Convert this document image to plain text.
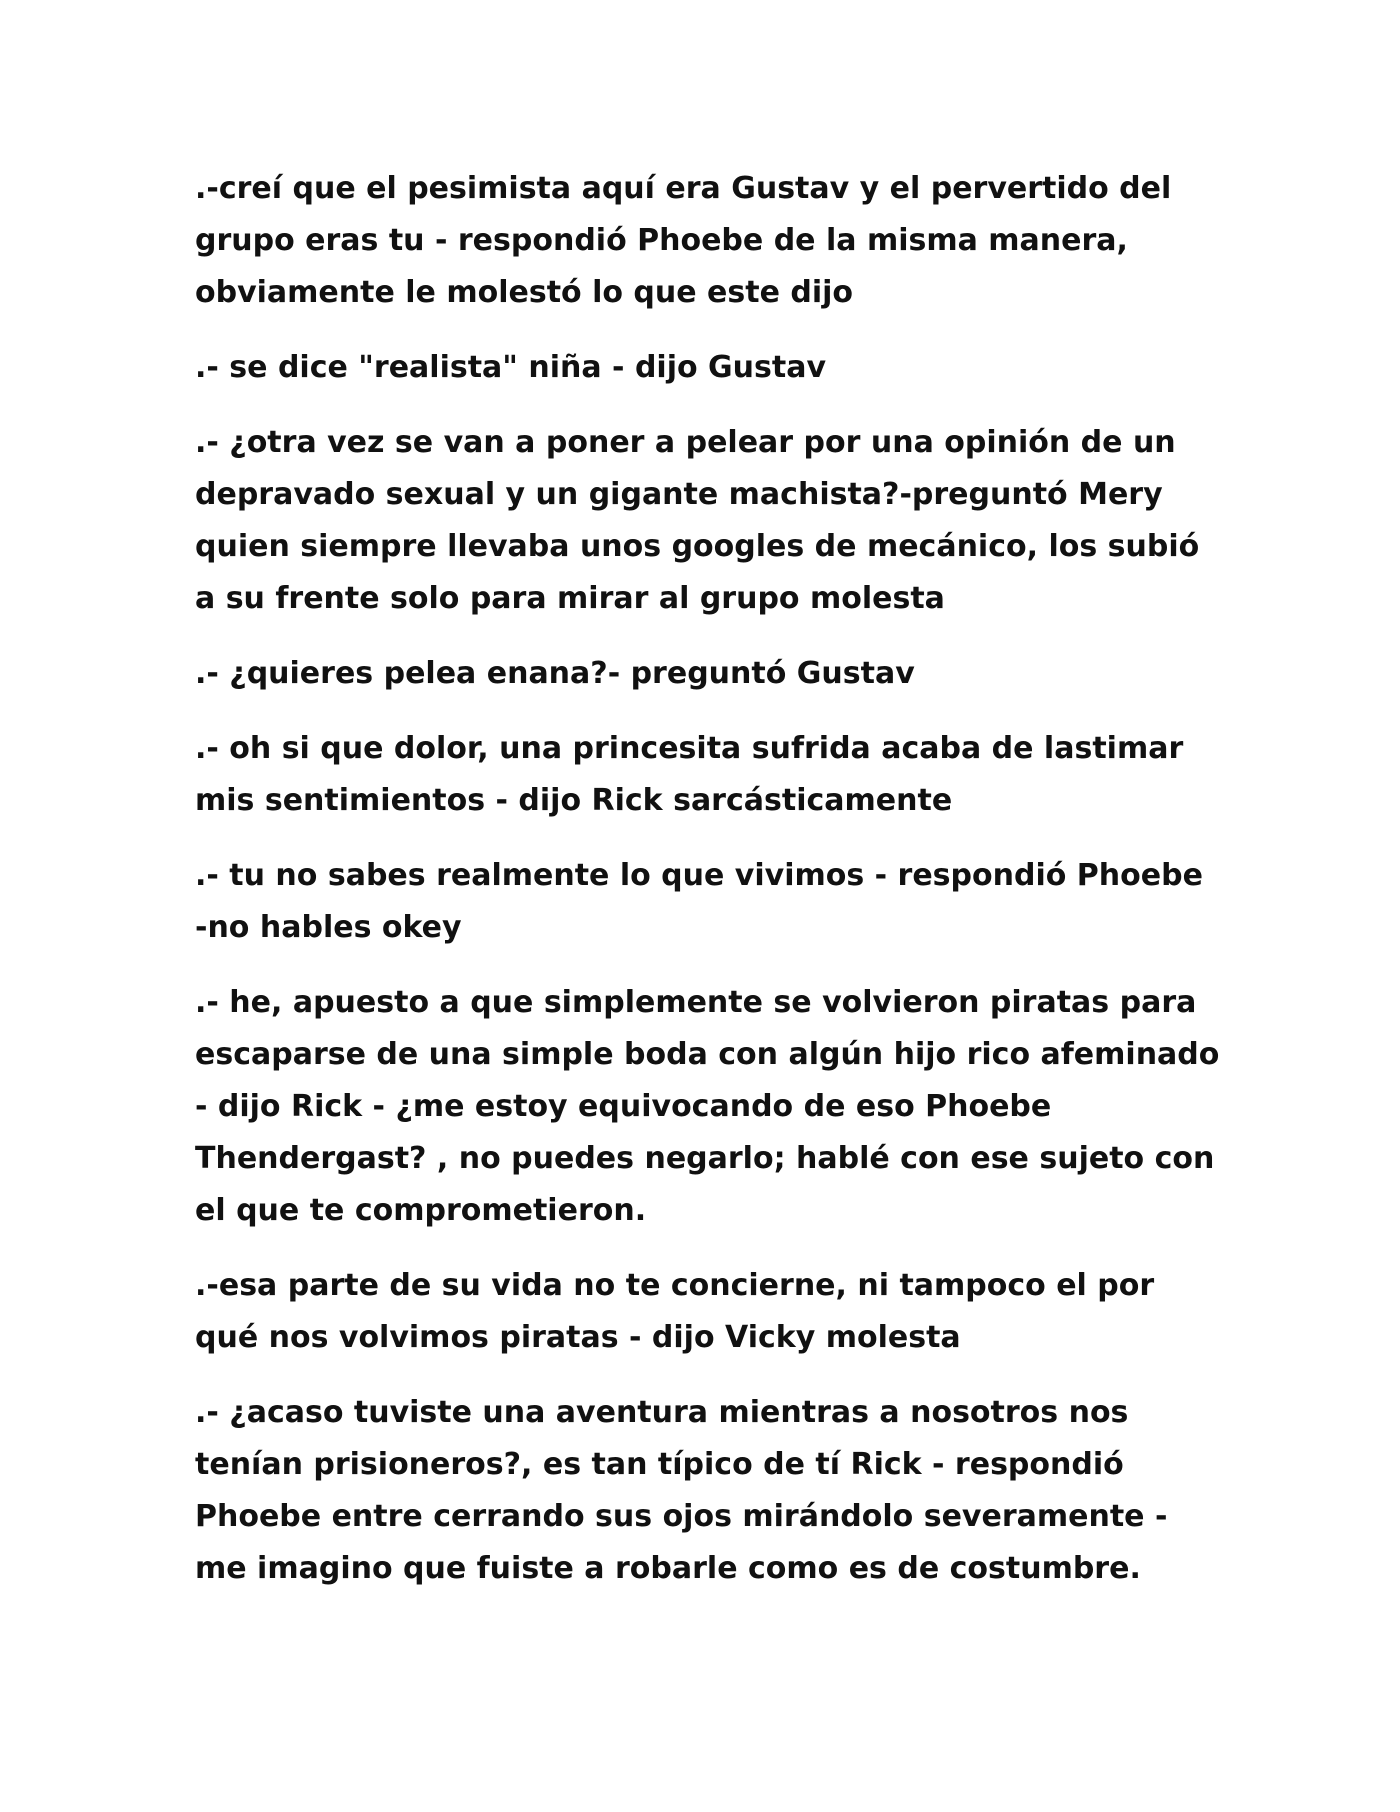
.-creí que el pesimista aquí era Gustav y el pervertido del grupo eras tu - respondió Phoebe de la misma manera, obviamente le molestó lo que este dijo

.- se dice "realista" niña - dijo Gustav

.- ¿otra vez se van a poner a pelear por una opinión de un depravado sexual y un gigante machista?-preguntó Mery quien siempre llevaba unos googles de mecánico, los subió a su frente solo para mirar al grupo molesta

.- ¿quieres pelea enana?- preguntó Gustav

.- oh si que dolor, una princesita sufrida acaba de lastimar mis sentimientos - dijo Rick sarcásticamente

.- tu no sabes realmente lo que vivimos - respondió Phoebe -no hables okey

.- he, apuesto a que simplemente se volvieron piratas para escaparse de una simple boda con algún hijo rico afeminado - dijo Rick - ¿me estoy equivocando de eso Phoebe Thendergast? , no puedes negarlo; hablé con ese sujeto con el que te comprometieron.

.-esa parte de su vida no te concierne, ni tampoco el por qué nos volvimos piratas - dijo Vicky molesta

.- ¿acaso tuviste una aventura mientras a nosotros nos tenían prisioneros?, es tan típico de tí Rick - respondió Phoebe entre cerrando sus ojos mirándolo severamente - me imagino que fuiste a robarle como es de costumbre.
